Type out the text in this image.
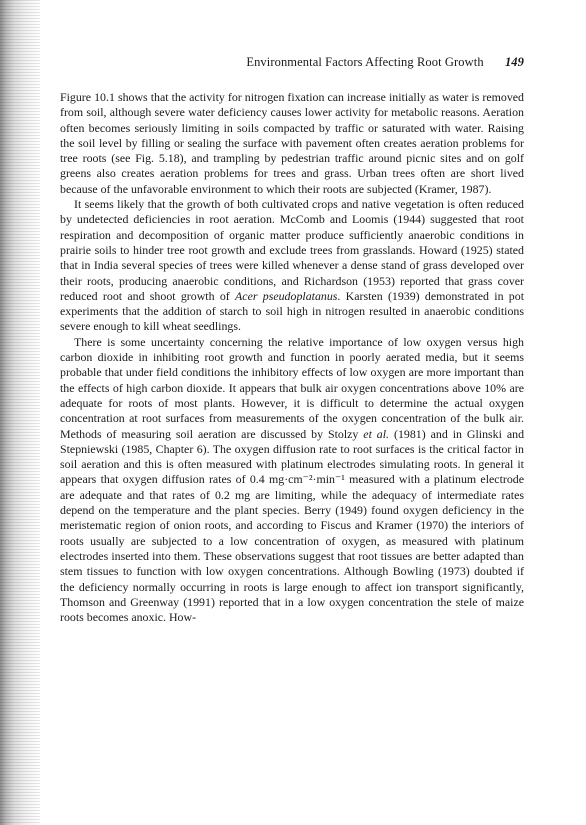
Environmental Factors Affecting Root Growth 149

Figure 10.1 shows that the activity for nitrogen fixation can increase initially as water is removed from soil, although severe water deficiency causes lower activity for metabolic reasons. Aeration often becomes seriously limiting in soils compacted by traffic or saturated with water. Raising the soil level by filling or sealing the surface with pavement often creates aeration problems for tree roots (see Fig. 5.18), and trampling by pedestrian traffic around picnic sites and on golf greens also creates aeration problems for trees and grass. Urban trees often are short lived because of the unfavorable environment to which their roots are subjected (Kramer, 1987).

It seems likely that the growth of both cultivated crops and native vegetation is often reduced by undetected deficiencies in root aeration. McComb and Loomis (1944) suggested that root respiration and decomposition of organic matter produce sufficiently anaerobic conditions in prairie soils to hinder tree root growth and exclude trees from grasslands. Howard (1925) stated that in India several species of trees were killed whenever a dense stand of grass developed over their roots, producing anaerobic conditions, and Richardson (1953) reported that grass cover reduced root and shoot growth of Acer pseudoplatanus. Karsten (1939) demonstrated in pot experiments that the addition of starch to soil high in nitrogen resulted in anaerobic conditions severe enough to kill wheat seedlings.

There is some uncertainty concerning the relative importance of low oxygen versus high carbon dioxide in inhibiting root growth and function in poorly aerated media, but it seems probable that under field conditions the inhibitory effects of low oxygen are more important than the effects of high carbon dioxide. It appears that bulk air oxygen concentrations above 10% are adequate for roots of most plants. However, it is difficult to determine the actual oxygen concentration at root surfaces from measurements of the oxygen concentration of the bulk air. Methods of measuring soil aeration are discussed by Stolzy et al. (1981) and in Glinski and Stepniewski (1985, Chapter 6). The oxygen diffusion rate to root surfaces is the critical factor in soil aeration and this is often measured with platinum electrodes simulating roots. In general it appears that oxygen diffusion rates of 0.4 mg·cm⁻²·min⁻¹ measured with a platinum electrode are adequate and that rates of 0.2 mg are limiting, while the adequacy of intermediate rates depend on the temperature and the plant species. Berry (1949) found oxygen deficiency in the meristematic region of onion roots, and according to Fiscus and Kramer (1970) the interiors of roots usually are subjected to a low concentration of oxygen, as measured with platinum electrodes inserted into them. These observations suggest that root tissues are better adapted than stem tissues to function with low oxygen concentrations. Although Bowling (1973) doubted if the deficiency normally occurring in roots is large enough to affect ion transport significantly, Thomson and Greenway (1991) reported that in a low oxygen concentration the stele of maize roots becomes anoxic. How-
